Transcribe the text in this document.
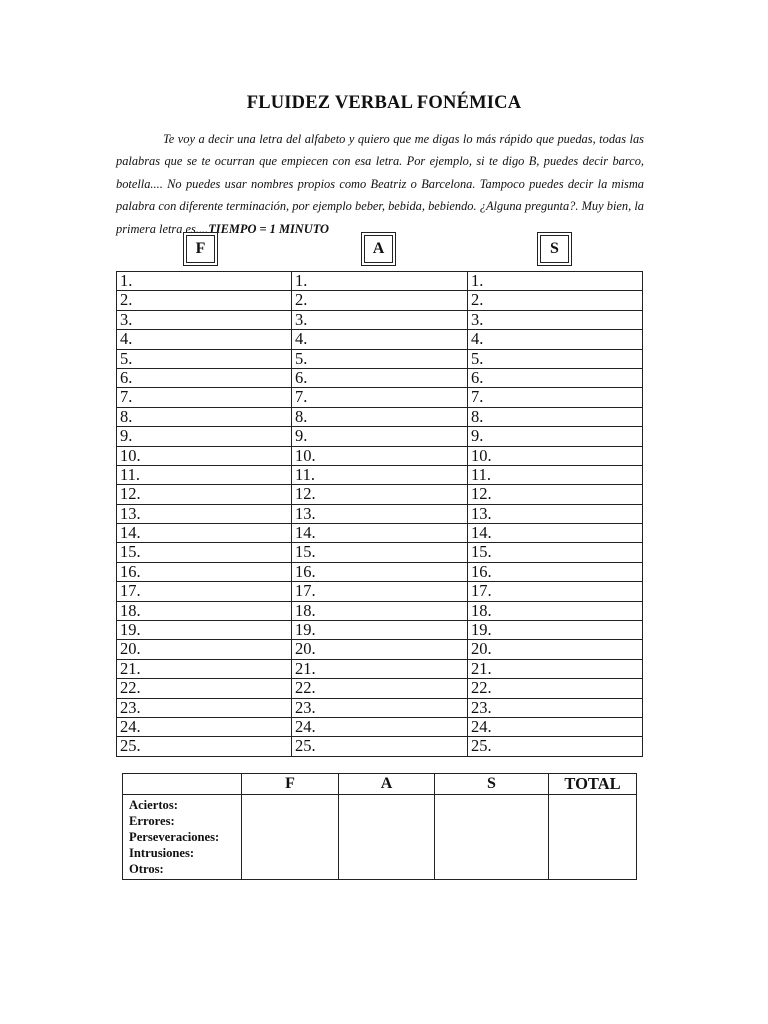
FLUIDEZ VERBAL FONÉMICA

Te voy a decir una letra del alfabeto y quiero que me digas lo más rápido que puedas, todas las palabras que se te ocurran que empiecen con esa letra. Por ejemplo, si te digo B, puedes decir barco, botella.... No puedes usar nombres propios como Beatriz o Barcelona. Tampoco puedes decir la misma palabra con diferente terminación, por ejemplo beber, bebida, bebiendo. ¿Alguna pregunta?. Muy bien, la primera letra es....TIEMPO = 1 MINUTO

F	A	S
1.	1.	1.
2.	2.	2.
3.	3.	3.
4.	4.	4.
5.	5.	5.
6.	6.	6.
7.	7.	7.
8.	8.	8.
9.	9.	9.
10.	10.	10.
11.	11.	11.
12.	12.	12.
13.	13.	13.
14.	14.	14.
15.	15.	15.
16.	16.	16.
17.	17.	17.
18.	18.	18.
19.	19.	19.
20.	20.	20.
21.	21.	21.
22.	22.	22.
23.	23.	23.
24.	24.	24.
25.	25.	25.
	F	A	S	TOTAL

Aciertos:
Errores:
Perseveraciones:
Intrusiones:
Otros:				
